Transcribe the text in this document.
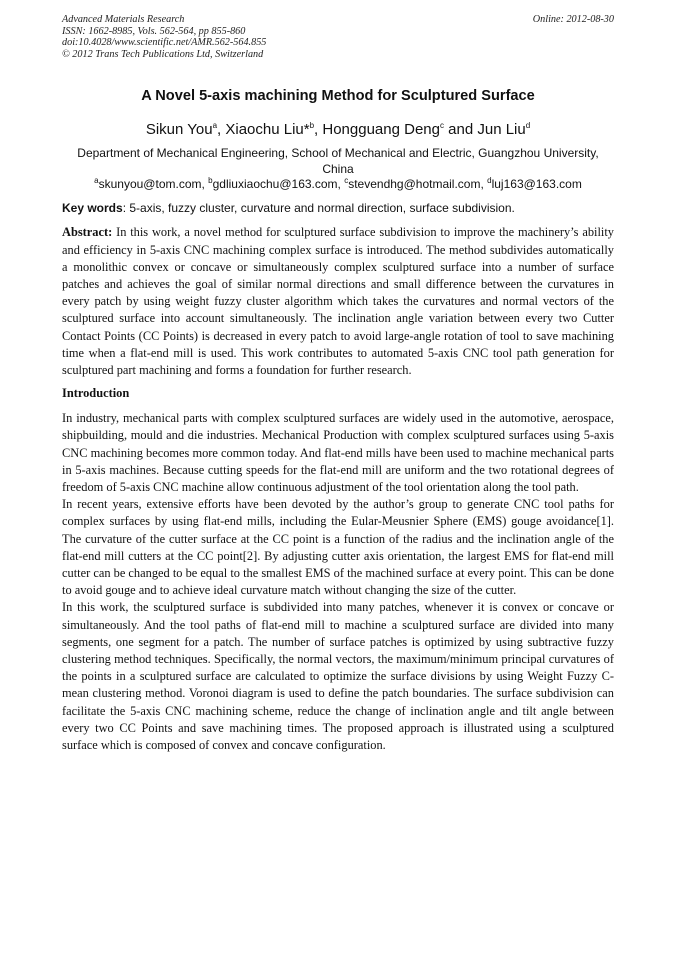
Advanced Materials Research
ISSN: 1662-8985, Vols. 562-564, pp 855-860
doi:10.4028/www.scientific.net/AMR.562-564.855
© 2012 Trans Tech Publications Ltd, Switzerland
Online: 2012-08-30
A Novel 5-axis machining Method for Sculptured Surface
Sikun You$^a$, Xiaochu Liu*$^b$, Hongguang Deng$^c$ and Jun Liu$^d$
Department of Mechanical Engineering, School of Mechanical and Electric, Guangzhou University,
China
$^a$skunyou@tom.com, $^b$gdliuxiaochu@163.com, $^c$stevendhg@hotmail.com, $^d$luj163@163.com
Key words: 5-axis, fuzzy cluster, curvature and normal direction, surface subdivision.
Abstract: In this work, a novel method for sculptured surface subdivision to improve the machinery’s ability and efficiency in 5-axis CNC machining complex surface is introduced. The method subdivides automatically a monolithic convex or concave or simultaneously complex sculptured surface into a number of surface patches and achieves the goal of similar normal directions and small difference between the curvatures in every patch by using weight fuzzy cluster algorithm which takes the curvatures and normal vectors of the sculptured surface into account simultaneously. The inclination angle variation between every two Cutter Contact Points (CC Points) is decreased in every patch to avoid large-angle rotation of tool to save machining time when a flat-end mill is used. This work contributes to automated 5-axis CNC tool path generation for sculptured part machining and forms a foundation for further research.
Introduction
In industry, mechanical parts with complex sculptured surfaces are widely used in the automotive, aerospace, shipbuilding, mould and die industries. Mechanical Production with complex sculptured surfaces using 5-axis CNC machining becomes more common today. And flat-end mills have been used to machine mechanical parts in 5-axis machines. Because cutting speeds for the flat-end mill are uniform and the two rotational degrees of freedom of 5-axis CNC machine allow continuous adjustment of the tool orientation along the tool path.
In recent years, extensive efforts have been devoted by the author’s group to generate CNC tool paths for complex surfaces by using flat-end mills, including the Eular-Meusnier Sphere (EMS) gouge avoidance[1]. The curvature of the cutter surface at the CC point is a function of the radius and the inclination angle of the flat-end mill cutters at the CC point[2]. By adjusting cutter axis orientation, the largest EMS for flat-end mill cutter can be changed to be equal to the smallest EMS of the machined surface at every point. This can be done to avoid gouge and to achieve ideal curvature match without changing the size of the cutter.
In this work, the sculptured surface is subdivided into many patches, whenever it is convex or concave or simultaneously. And the tool paths of flat-end mill to machine a sculptured surface are divided into many segments, one segment for a patch. The number of surface patches is optimized by using subtractive fuzzy clustering method techniques. Specifically, the normal vectors, the maximum/minimum principal curvatures of the points in a sculptured surface are calculated to optimize the surface divisions by using Weight Fuzzy C-mean clustering method. Voronoi diagram is used to define the patch boundaries. The surface subdivision can facilitate the 5-axis CNC machining scheme, reduce the change of inclination angle and tilt angle between every two CC Points and save machining times. The proposed approach is illustrated using a sculptured surface which is composed of convex and concave configuration.
